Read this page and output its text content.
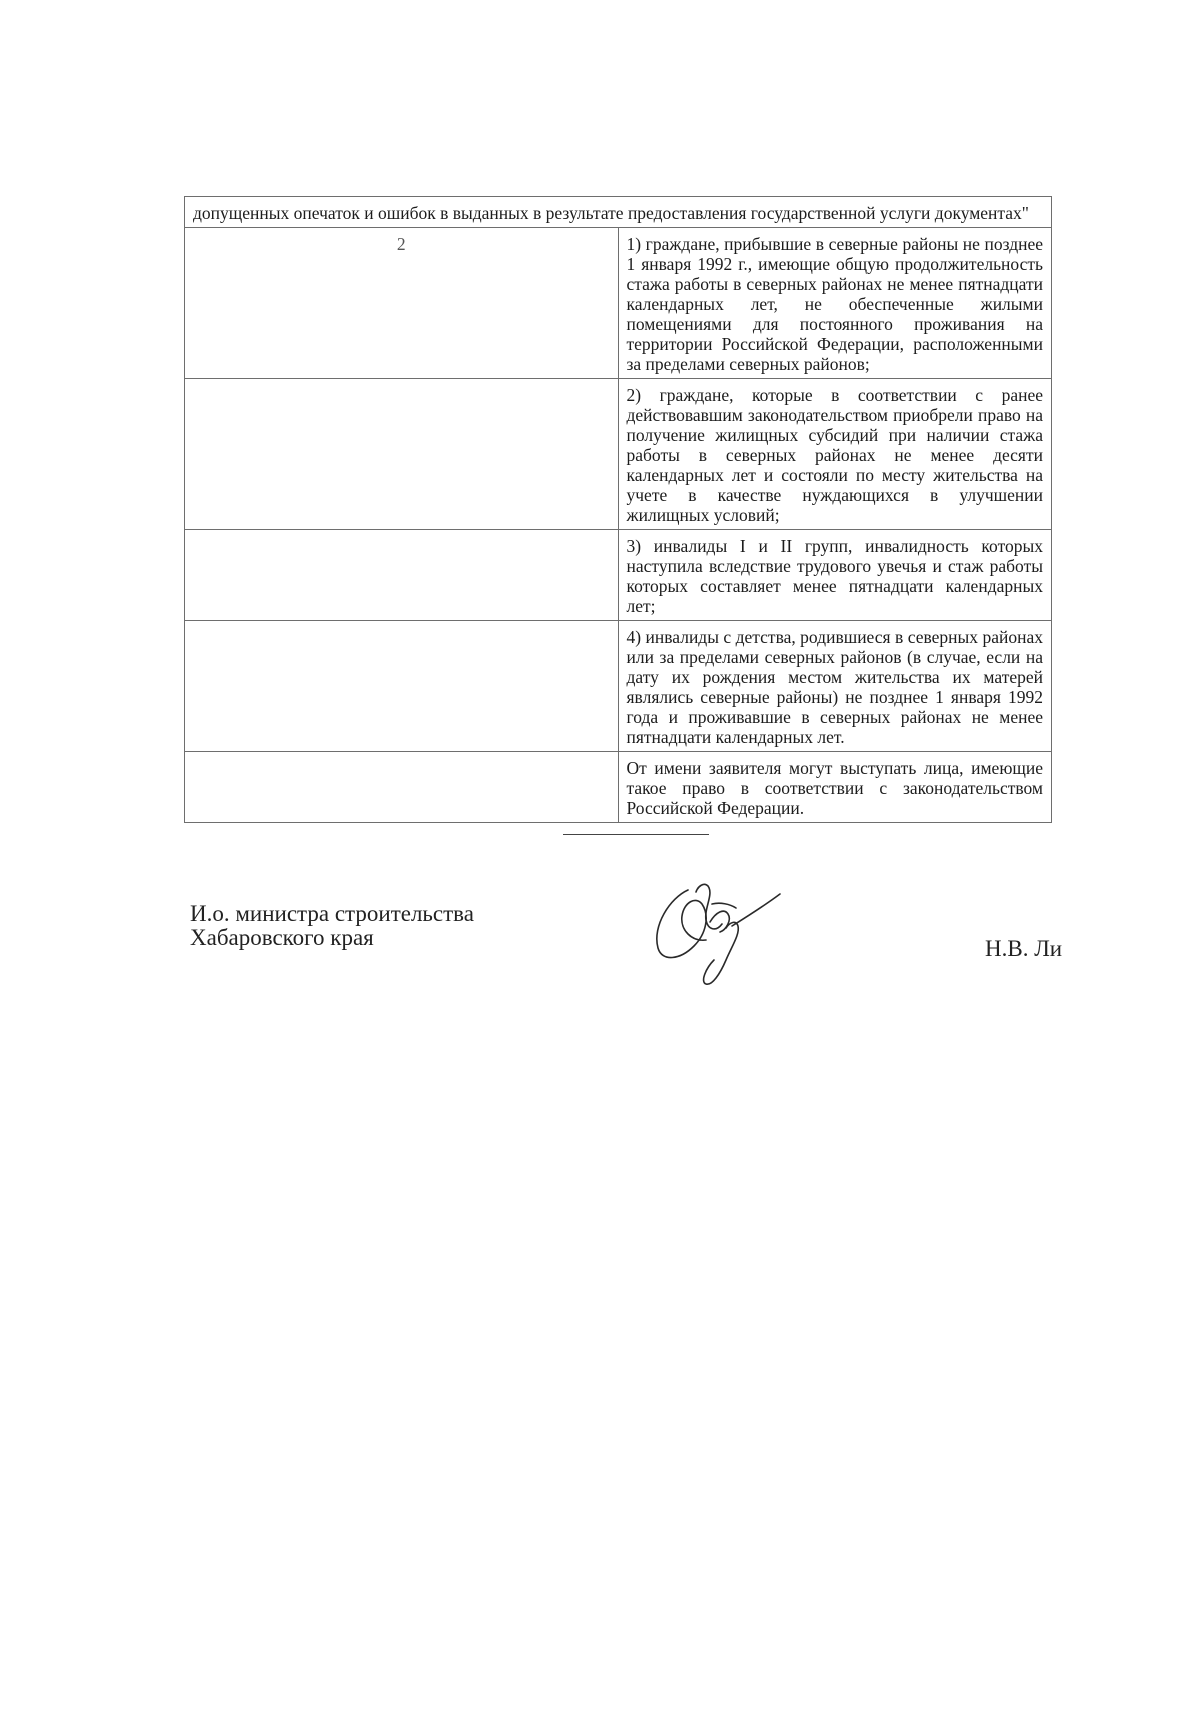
допущенных опечаток и ошибок в выданных в результате предоставления государственной услуги документах"	
2	1) граждане, прибывшие в северные районы не позднее 1 января 1992 г., имеющие общую продолжительность стажа работы в северных районах не менее пятнадцати календарных лет, не обеспеченные жилыми помещениями для постоянного проживания на территории Российской Федерации, расположенными за пределами северных районов;
	2) граждане, которые в соответствии с ранее действовавшим законодательством приобрели право на получение жилищных субсидий при наличии стажа работы в северных районах не менее десяти календарных лет и состояли по месту жительства на учете в качестве нуждающихся в улучшении жилищных условий;
	3) инвалиды I и II групп, инвалидность которых наступила вследствие трудового увечья и стаж работы которых составляет менее пятнадцати календарных лет;
	4) инвалиды с детства, родившиеся в северных районах или за пределами северных районов (в случае, если на дату их рождения местом жительства их матерей являлись северные районы) не позднее 1 января 1992 года и проживавшие в северных районах не менее пятнадцати календарных лет.
	От имени заявителя могут выступать лица, имеющие такое право в соответствии с законодательством Российской Федерации.
И.о. министра строительства
Хабаровского края	Н.В. Ли
